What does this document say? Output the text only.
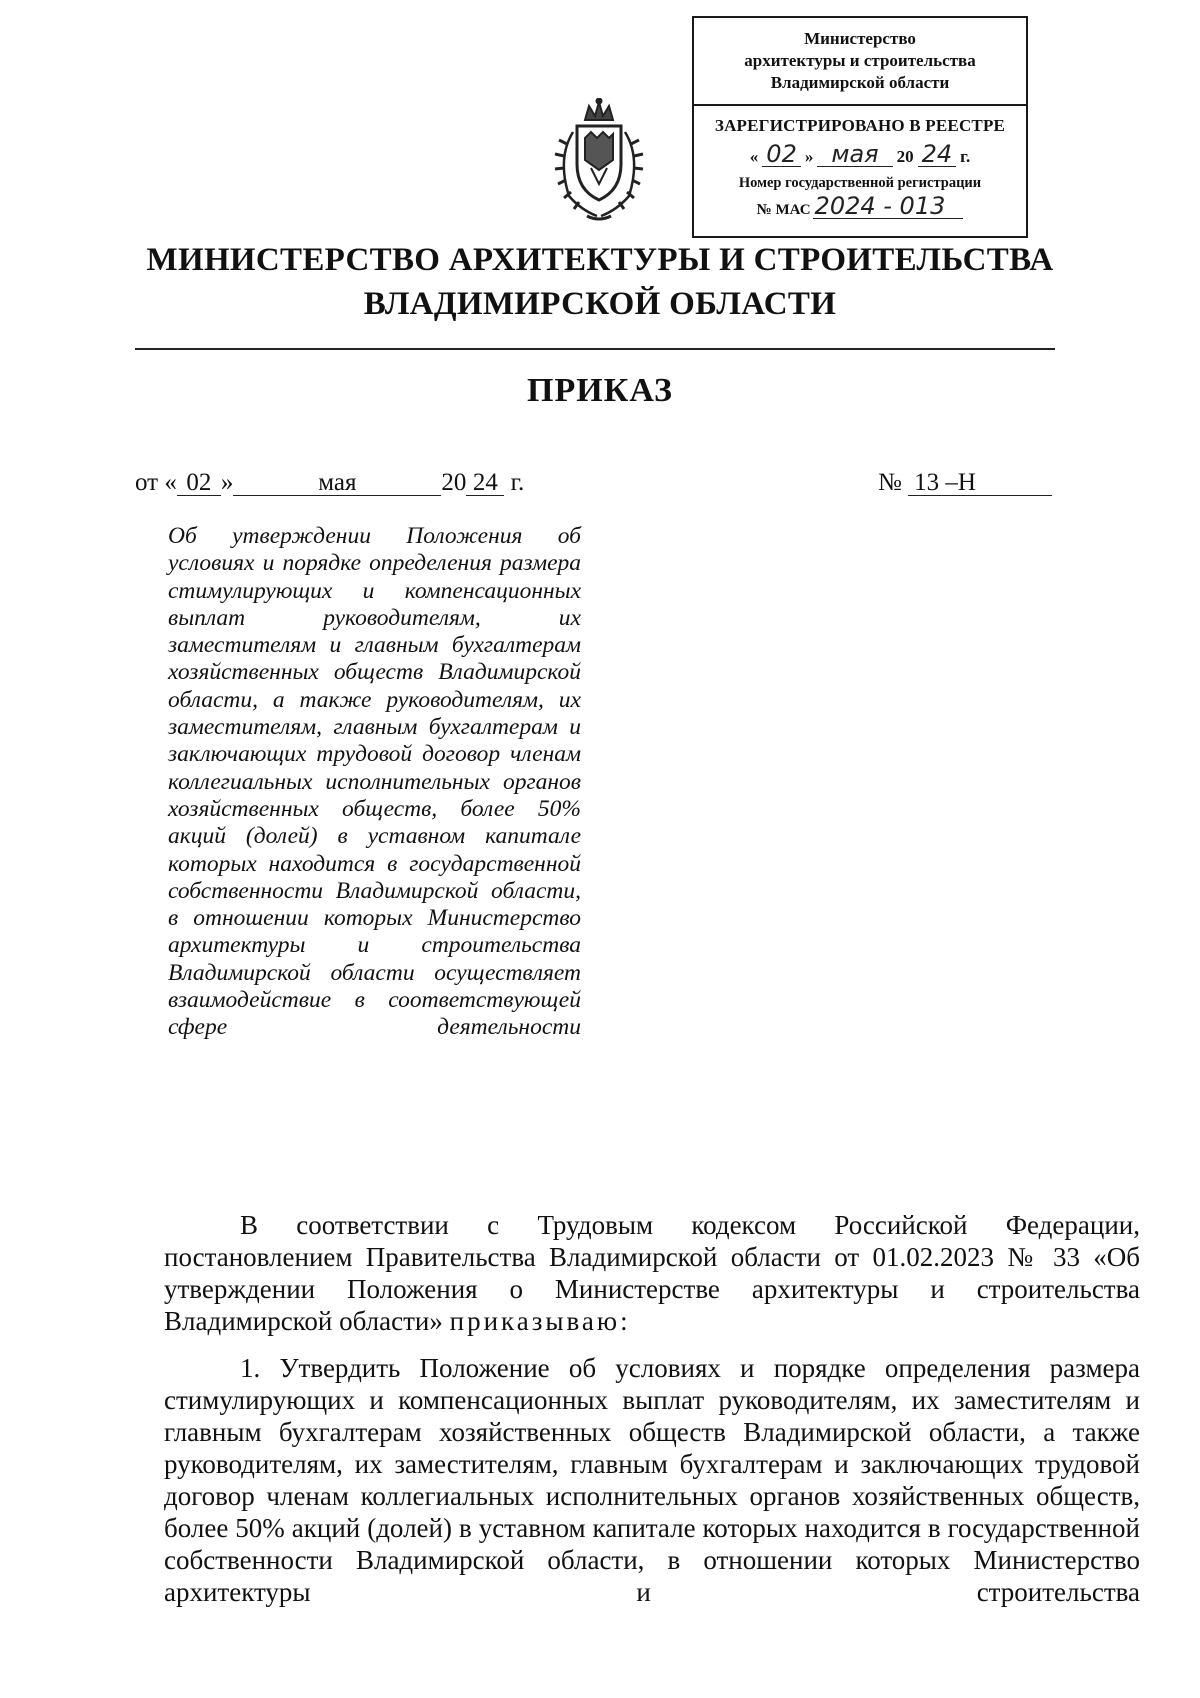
Министерство
архитектуры и строительства
Владимирской области
ЗАРЕГИСТРИРОВАНО В РЕЕСТРЕ
« 02 » мая	20 24 г.
Номер государственной регистрации
№ МАС 2024 - 013
МИНИСТЕРСТВО АРХИТЕКТУРЫ И СТРОИТЕЛЬСТВА
ВЛАДИМИРСКОЙ ОБЛАСТИ
ПРИКАЗ
от « 02 »	мая	20 24 г.	№ 13 –Н
Об утверждении Положения об условиях и порядке определения размера стимулирующих и компенсационных выплат руководителям, их заместителям и главным бухгалтерам хозяйственных обществ Владимирской области, а также руководителям, их заместителям, главным бухгалтерам и заключающих трудовой договор членам коллегиальных исполнительных органов хозяйственных обществ, более 50% акций (долей) в уставном капитале которых находится в государственной собственности Владимирской области, в отношении которых Министерство архитектуры и строительства Владимирской области осуществляет взаимодействие в соответствующей сфере деятельности
В соответствии с Трудовым кодексом Российской Федерации, постановлением Правительства Владимирской области от 01.02.2023 № 33 «Об утверждении Положения о Министерстве архитектуры и строительства Владимирской области» приказываю:
1. Утвердить Положение об условиях и порядке определения размера стимулирующих и компенсационных выплат руководителям, их заместителям и главным бухгалтерам хозяйственных обществ Владимирской области, а также руководителям, их заместителям, главным бухгалтерам и заключающих трудовой договор членам коллегиальных исполнительных органов хозяйственных обществ, более 50% акций (долей) в уставном капитале которых находится в государственной собственности Владимирской области, в отношении которых Министерство архитектуры и строительства
